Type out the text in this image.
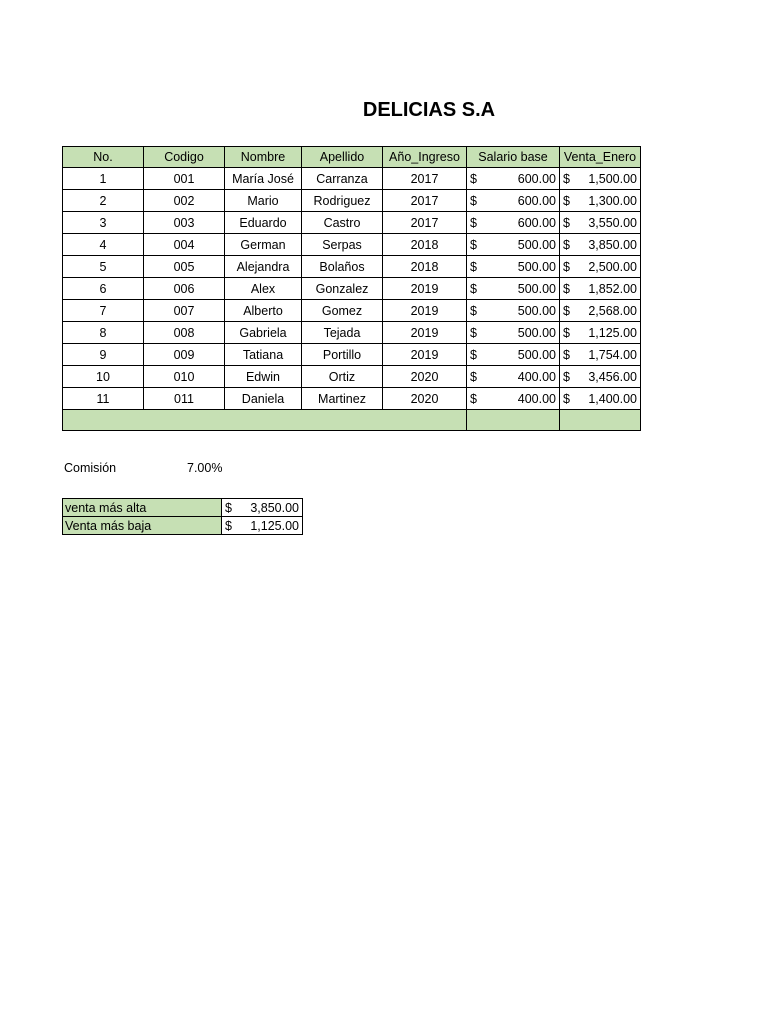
DELICIAS S.A
No.	Codigo	Nombre	Apellido	Año_Ingreso	Salario base	Venta_Enero
1	001	María José	Carranza	2017	$ 600.00	$ 1,500.00

2	002	Mario	Rodriguez	2017	$ 600.00	$ 1,300.00

3	003	Eduardo	Castro	2017	$ 600.00	$ 3,550.00

4	004	German	Serpas	2018	$ 500.00	$ 3,850.00

5	005	Alejandra	Bolaños	2018	$ 500.00	$ 2,500.00

6	006	Alex	Gonzalez	2019	$ 500.00	$ 1,852.00

7	007	Alberto	Gomez	2019	$ 500.00	$ 2,568.00

8	008	Gabriela	Tejada	2019	$ 500.00	$ 1,125.00

9	009	Tatiana	Portillo	2019	$ 500.00	$ 1,754.00

10	010	Edwin	Ortiz	2020	$ 400.00	$ 3,456.00

11	011	Daniela	Martinez	2020	$ 400.00	$ 1,400.00

Comisión	7.00%
venta más alta	$ 3,850.00

Venta más baja	$ 1,125.00
